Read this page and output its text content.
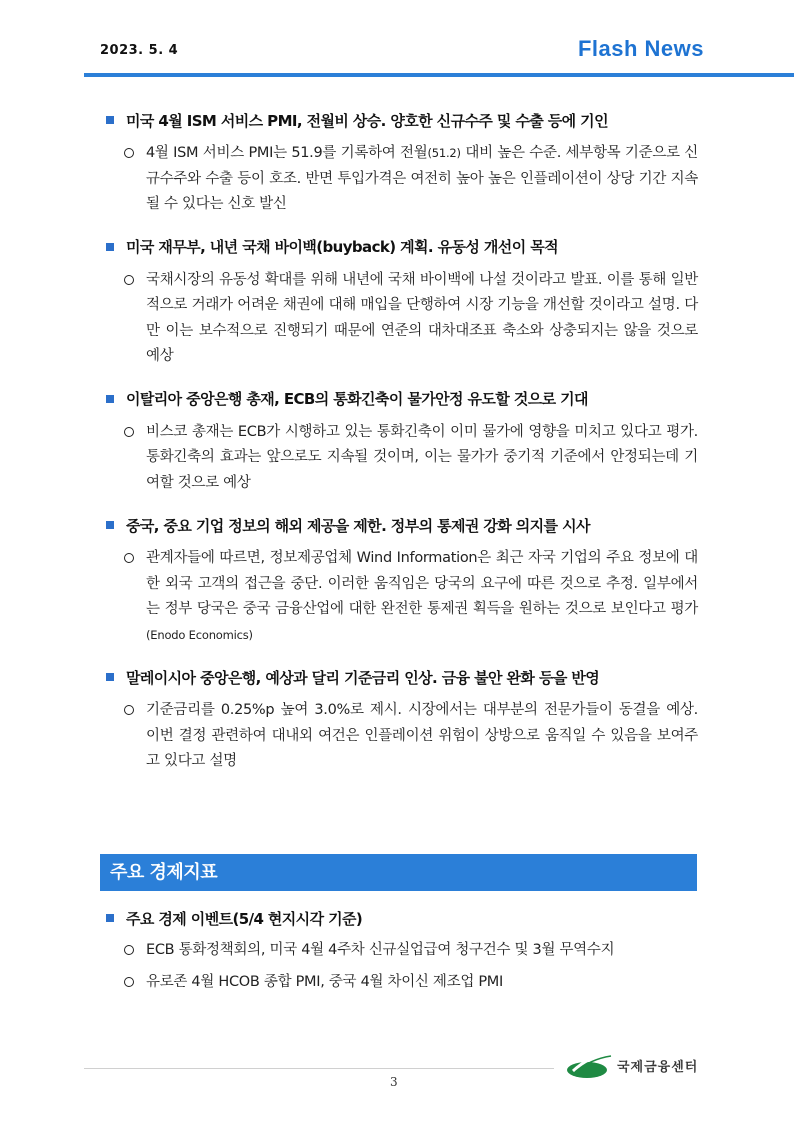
2023. 5. 4	Flash News
미국 4월 ISM 서비스 PMI, 전월비 상승. 양호한 신규수주 및 수출 등에 기인
4월 ISM 서비스 PMI는 51.9를 기록하여 전월(51.2) 대비 높은 수준. 세부항목 기준으로 신규수주와 수출 등이 호조. 반면 투입가격은 여전히 높아 높은 인플레이션이 상당 기간 지속될 수 있다는 신호 발신
미국 재무부, 내년 국채 바이백(buyback) 계획. 유동성 개선이 목적
국채시장의 유동성 확대를 위해 내년에 국채 바이백에 나설 것이라고 발표. 이를 통해 일반적으로 거래가 어려운 채권에 대해 매입을 단행하여 시장 기능을 개선할 것이라고 설명. 다만 이는 보수적으로 진행되기 때문에 연준의 대차대조표 축소와 상충되지는 않을 것으로 예상
이탈리아 중앙은행 총재, ECB의 통화긴축이 물가안정 유도할 것으로 기대
비스코 총재는 ECB가 시행하고 있는 통화긴축이 이미 물가에 영향을 미치고 있다고 평가. 통화긴축의 효과는 앞으로도 지속될 것이며, 이는 물가가 중기적 기준에서 안정되는데 기여할 것으로 예상
중국, 중요 기업 정보의 해외 제공을 제한. 정부의 통제권 강화 의지를 시사
관계자들에 따르면, 정보제공업체 Wind Information은 최근 자국 기업의 주요 정보에 대한 외국 고객의 접근을 중단. 이러한 움직임은 당국의 요구에 따른 것으로 추정. 일부에서는 정부 당국은 중국 금융산업에 대한 완전한 통제권 획득을 원하는 것으로 보인다고 평가(Enodo Economics)
말레이시아 중앙은행, 예상과 달리 기준금리 인상. 금융 불안 완화 등을 반영
기준금리를 0.25%p 높여 3.0%로 제시. 시장에서는 대부분의 전문가들이 동결을 예상. 이번 결정 관련하여 대내외 여건은 인플레이션 위험이 상방으로 움직일 수 있음을 보여주고 있다고 설명
주요 경제지표
주요 경제 이벤트(5/4 현지시각 기준)
ECB 통화정책회의, 미국 4월 4주차 신규실업급여 청구건수 및 3월 무역수지
유로존 4월 HCOB 종합 PMI, 중국 4월 차이신 제조업 PMI
3
국제금융센터
